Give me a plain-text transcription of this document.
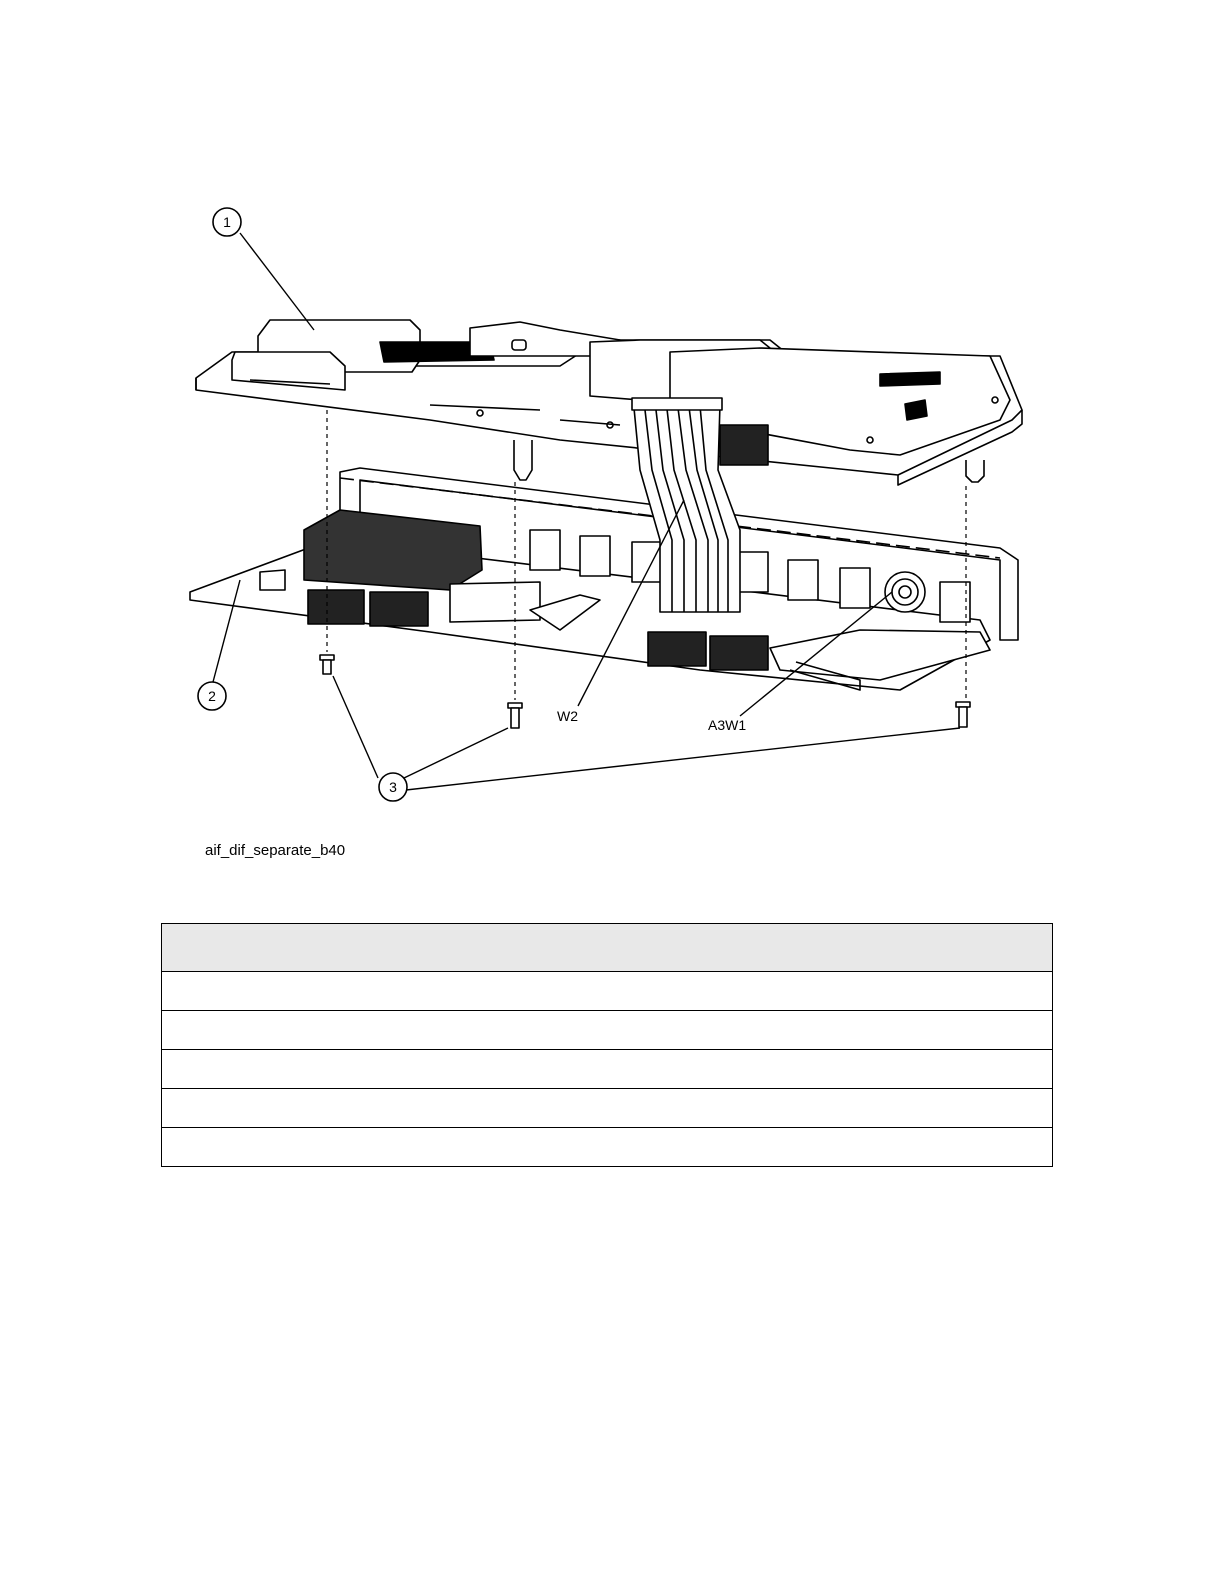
1
2
3
W2
A3W1
aif_dif_separate_b40
